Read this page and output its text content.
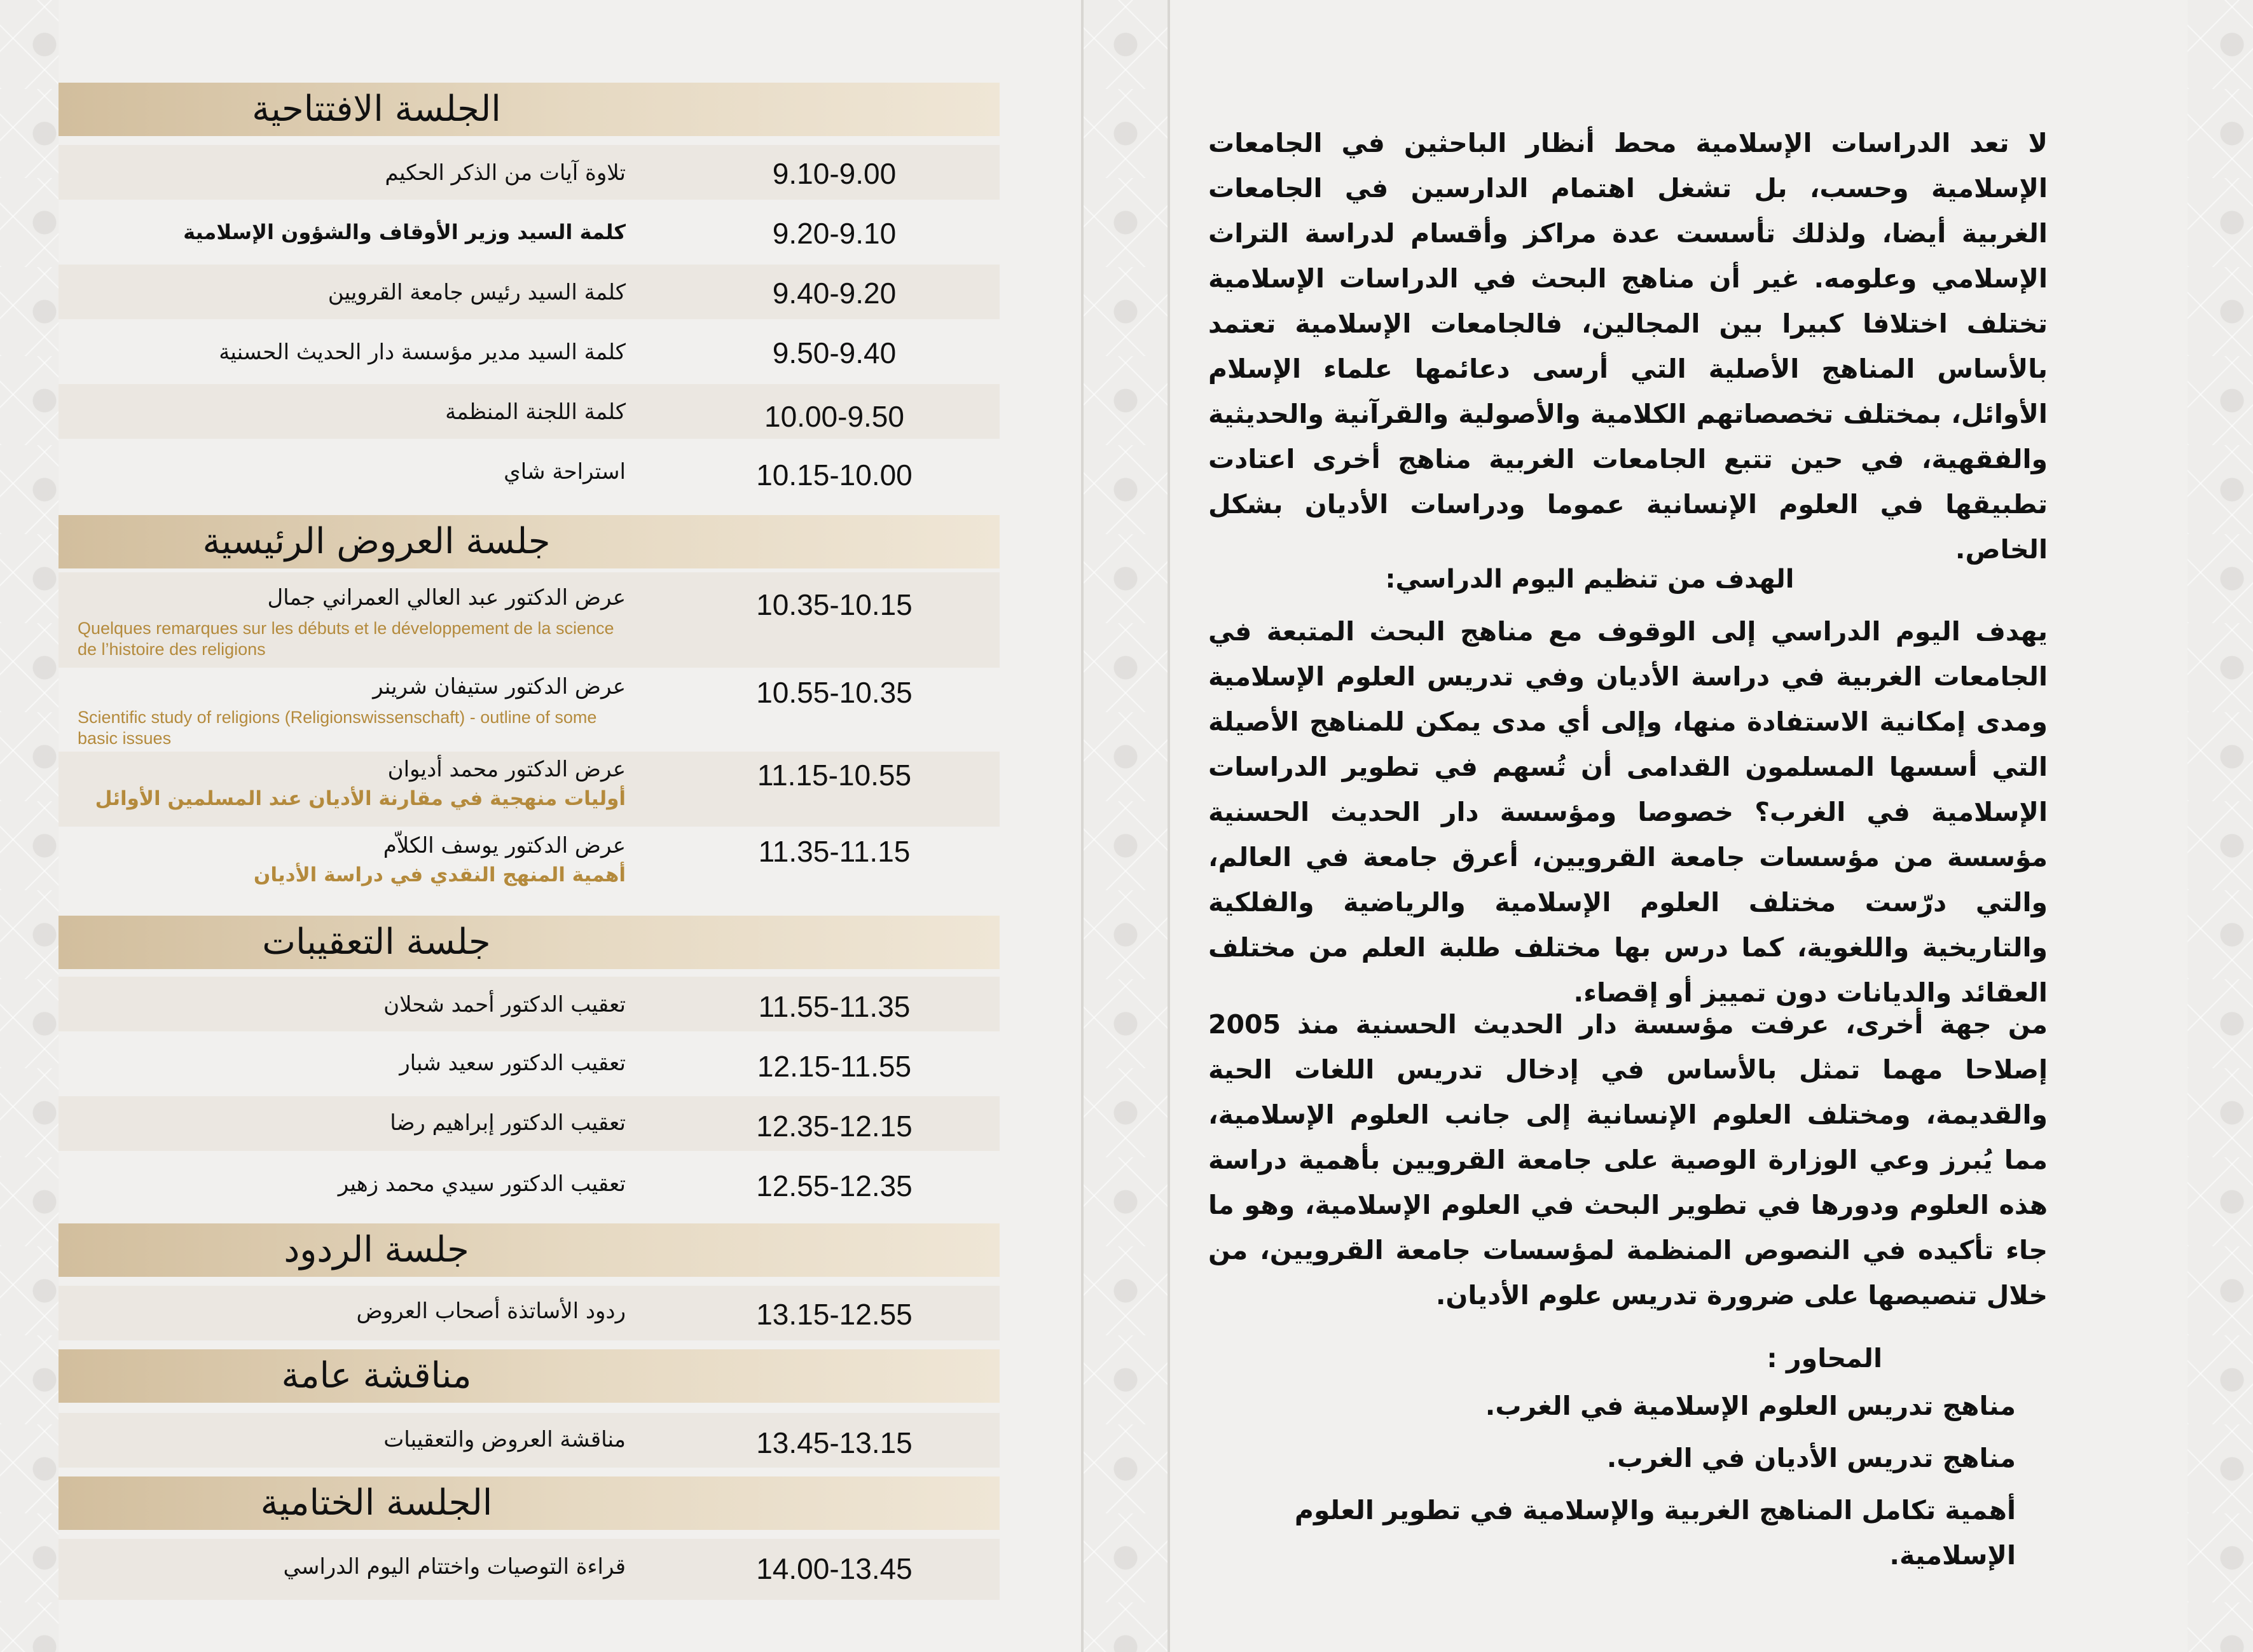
الجلسة الافتتاحية
9.10-9.00
تلاوة آيات من الذكر الحكيم
9.20-9.10
كلمة السيد وزير الأوقاف والشؤون الإسلامية
9.40-9.20
كلمة السيد رئيس جامعة القرويين
9.50-9.40
كلمة السيد مدير مؤسسة دار الحديث الحسنية
10.00-9.50
كلمة اللجنة المنظمة
10.15-10.00
استراحة شاي
جلسة العروض الرئيسية
10.35-10.15
عرض الدكتور عبد العالي العمراني جمال
Quelques remarques sur les débuts et le développement de la science de l’histoire des religions
10.55-10.35
عرض الدكتور ستيفان شرينر
Scientific study of religions (Religionswissenschaft) - outline of some basic issues
11.15-10.55
عرض الدكتور محمد أديوان
أوليات منهجية في مقارنة الأديان عند المسلمين الأوائل
11.35-11.15
عرض الدكتور يوسف الكلاّم
أهمية المنهج النقدي في دراسة الأديان
جلسة التعقيبات
11.55-11.35
تعقيب الدكتور أحمد شحلان
12.15-11.55
تعقيب الدكتور سعيد شبار
12.35-12.15
تعقيب الدكتور إبراهيم رضا
12.55-12.35
تعقيب الدكتور سيدي محمد زهير
جلسة الردود
13.15-12.55
ردود الأساتذة أصحاب العروض
مناقشة عامة
13.45-13.15
مناقشة العروض والتعقيبات
الجلسة الختامية
14.00-13.45
قراءة التوصيات واختتام اليوم الدراسي
لا تعد الدراسات الإسلامية محط أنظار الباحثين في الجامعات الإسلامية وحسب، بل تشغل اهتمام الدارسين في الجامعات الغربية أيضا، ولذلك تأسست عدة مراكز وأقسام لدراسة التراث الإسلامي وعلومه. غير أن مناهج البحث في الدراسات الإسلامية تختلف اختلافا كبيرا بين المجالين، فالجامعات الإسلامية تعتمد بالأساس المناهج الأصلية التي أرسى دعائمها علماء الإسلام الأوائل، بمختلف تخصصاتهم الكلامية والأصولية والقرآنية والحديثية والفقهية، في حين تتبع الجامعات الغربية مناهج أخرى اعتادت تطبيقها في العلوم الإنسانية عموما ودراسات الأديان بشكل الخاص.
الهدف من تنظيم اليوم الدراسي:
يهدف اليوم الدراسي إلى الوقوف مع مناهج البحث المتبعة في الجامعات الغربية في دراسة الأديان وفي تدريس العلوم الإسلامية ومدى إمكانية الاستفادة منها، وإلى أي مدى يمكن للمناهج الأصيلة التي أسسها المسلمون القدامى أن تُسهم في تطوير الدراسات الإسلامية في الغرب؟ خصوصا ومؤسسة دار الحديث الحسنية مؤسسة من مؤسسات جامعة القرويين، أعرق جامعة في العالم، والتي درّست مختلف العلوم الإسلامية والرياضية والفلكية والتاريخية واللغوية، كما درس بها مختلف طلبة العلم من مختلف العقائد والديانات دون تمييز أو إقصاء.
من جهة أخرى، عرفت مؤسسة دار الحديث الحسنية منذ 2005 إصلاحا مهما تمثل بالأساس في إدخال تدريس اللغات الحية والقديمة، ومختلف العلوم الإنسانية إلى جانب العلوم الإسلامية، مما يُبرز وعي الوزارة الوصية على جامعة القرويين بأهمية دراسة هذه العلوم ودورها في تطوير البحث في العلوم الإسلامية، وهو ما جاء تأكيده في النصوص المنظمة لمؤسسات جامعة القرويين، من خلال تنصيصها على ضرورة تدريس علوم الأديان.
المحاور :
مناهج تدريس العلوم الإسلامية في الغرب.
مناهج تدريس الأديان في الغرب.
أهمية تكامل المناهج الغربية والإسلامية في تطوير العلوم الإسلامية.
